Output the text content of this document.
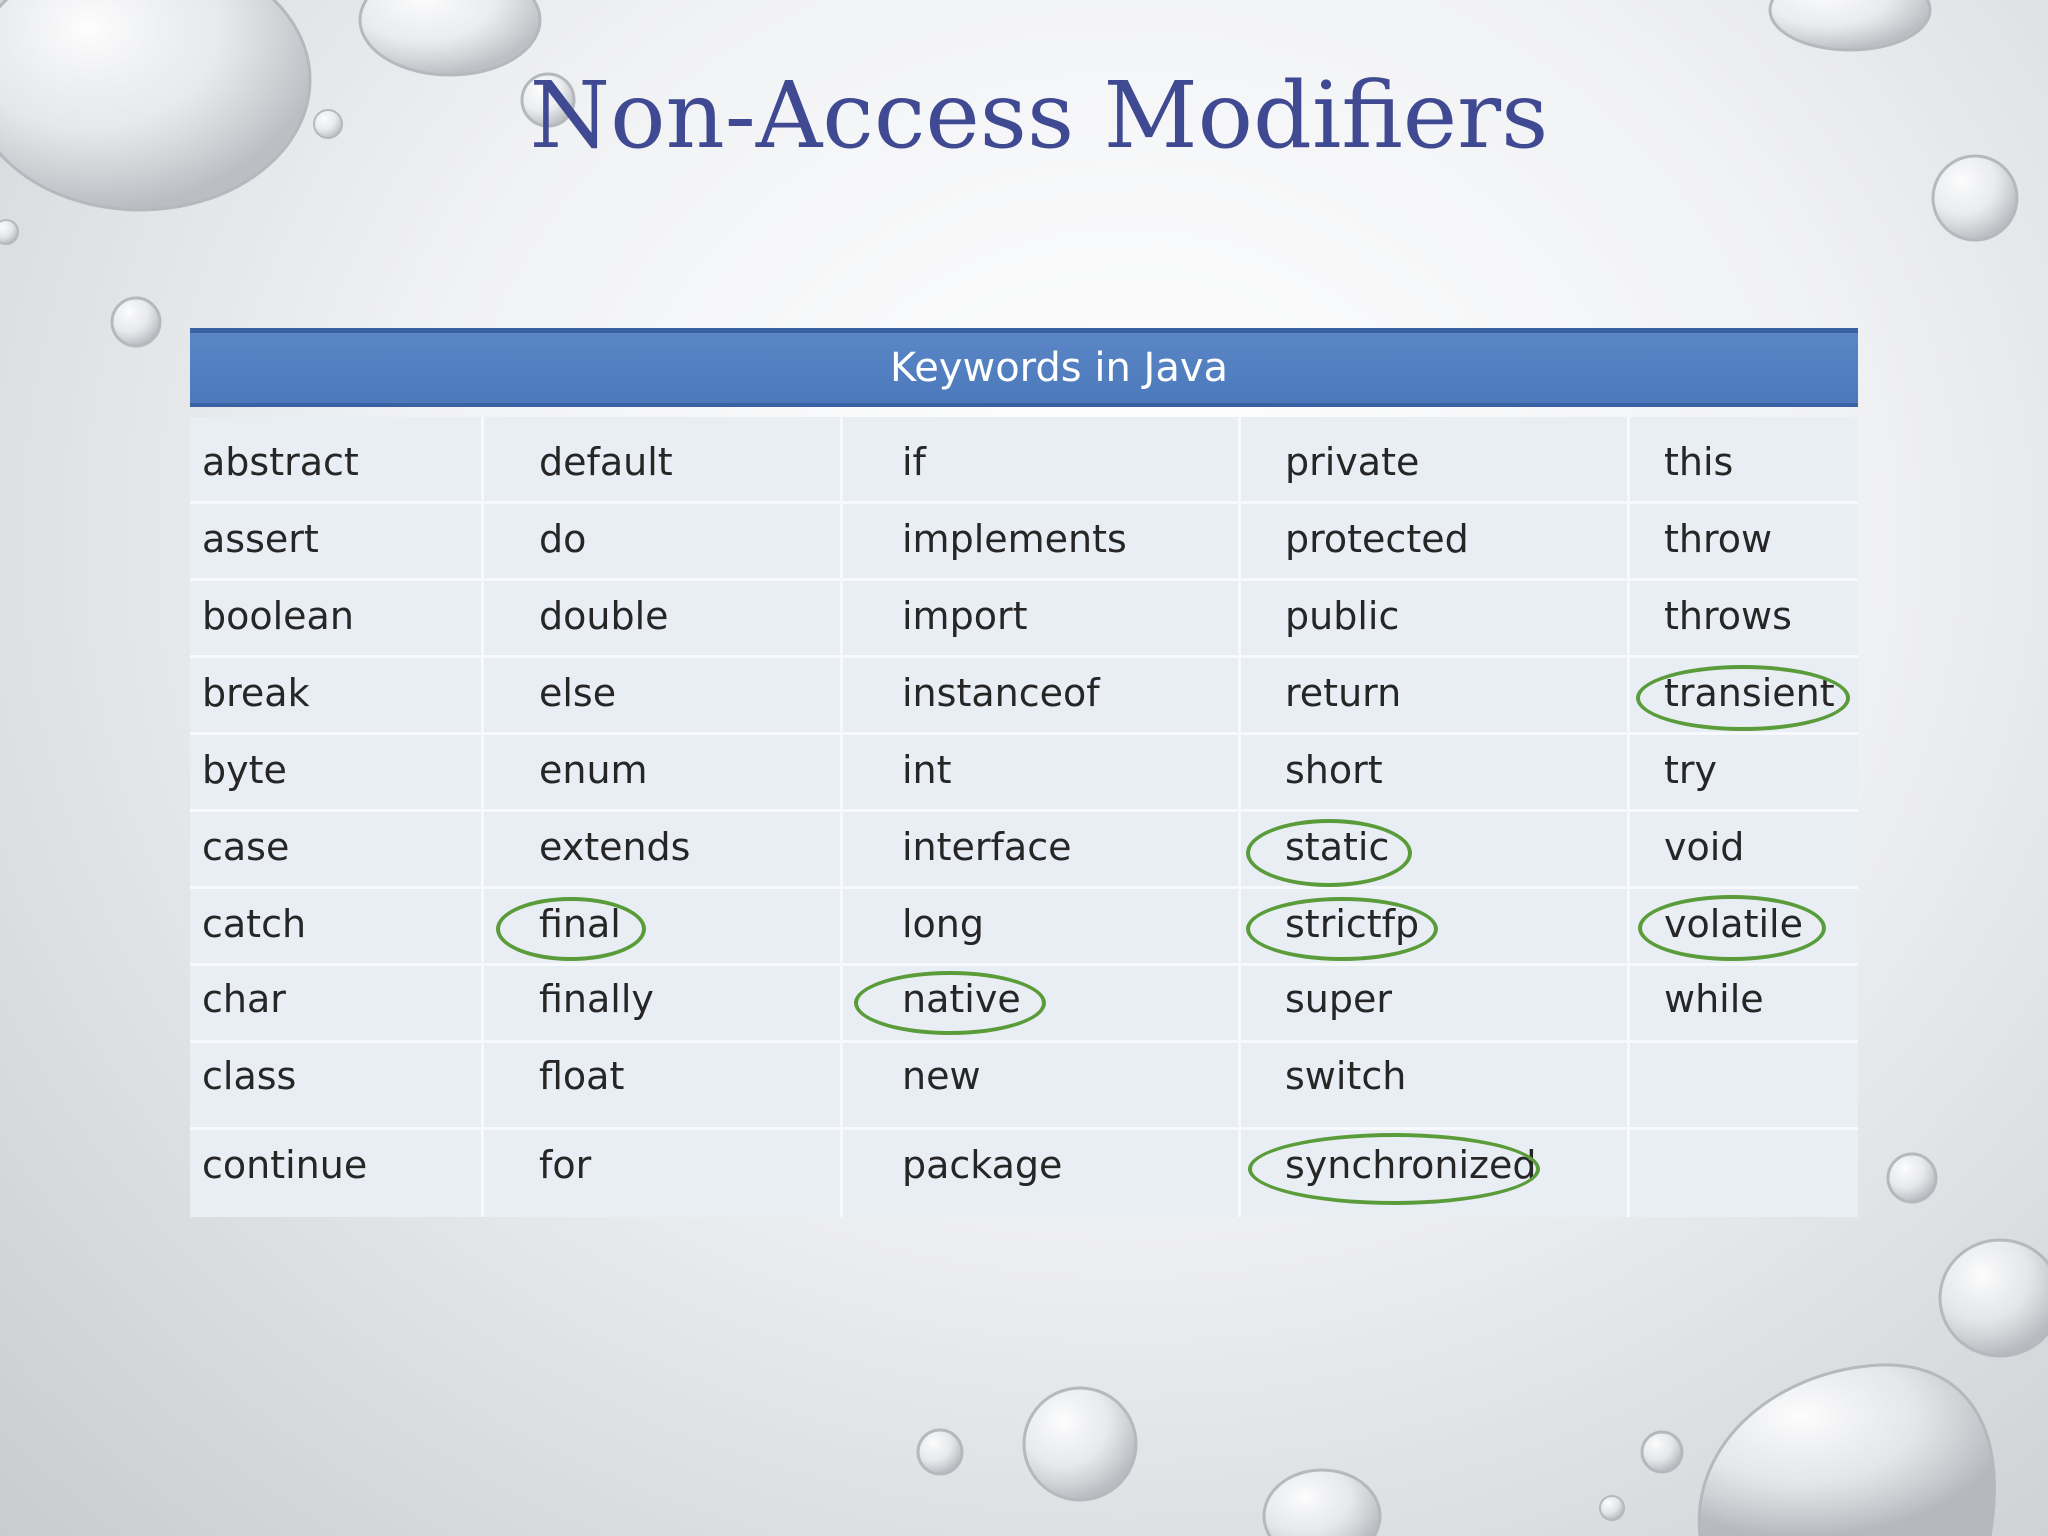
Non-Access Modifiers
Keywords in Java
abstract
assert
boolean
break
byte
case
catch
char
class
continue
default
do
double
else
enum
extends
final
finally
float
for
if
implements
import
instanceof
int
interface
long
native
new
package
private
protected
public
return
short
static
strictfp
super
switch
synchronized
this
throw
throws
transient
try
void
volatile
while
